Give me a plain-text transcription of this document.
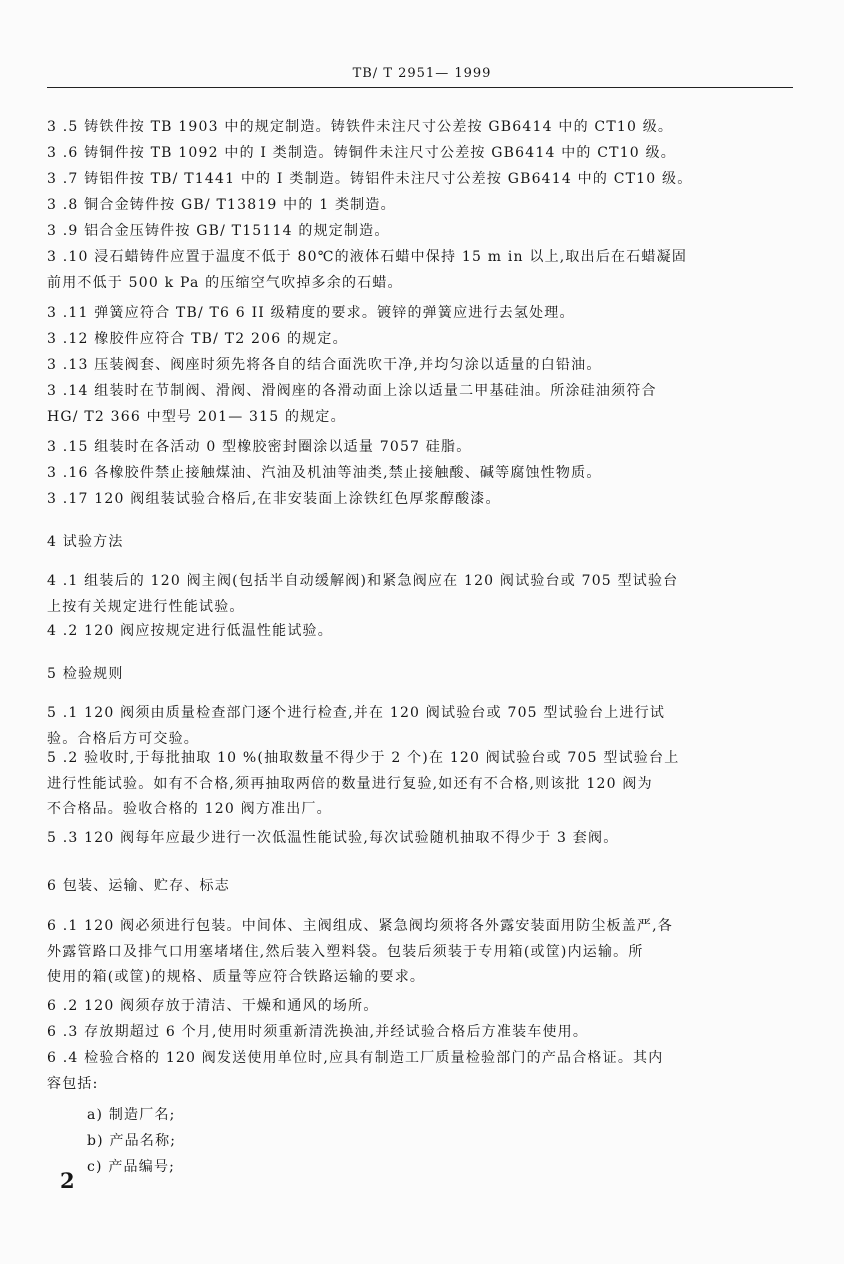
TB/ T 2951— 1999
3 .5 铸铁件按 TB 1903 中的规定制造。铸铁件未注尺寸公差按 GB6414 中的 CT10 级。
3 .6 铸铜件按 TB 1092 中的 I 类制造。铸铜件未注尺寸公差按 GB6414 中的 CT10 级。
3 .7 铸铝件按 TB/ T1441 中的 I 类制造。铸铝件未注尺寸公差按 GB6414 中的 CT10 级。
3 .8 铜合金铸件按 GB/ T13819 中的 1 类制造。
3 .9 铝合金压铸件按 GB/ T15114 的规定制造。
3 .10 浸石蜡铸件应置于温度不低于 80℃的液体石蜡中保持 15 m in 以上,取出后在石蜡凝固
前用不低于 500 k Pa 的压缩空气吹掉多余的石蜡。
3 .11 弹簧应符合 TB/ T6 6 II 级精度的要求。镀锌的弹簧应进行去氢处理。
3 .12 橡胶件应符合 TB/ T2 206 的规定。
3 .13 压装阀套、阀座时须先将各自的结合面洗吹干净,并均匀涂以适量的白铅油。
3 .14 组装时在节制阀、滑阀、滑阀座的各滑动面上涂以适量二甲基硅油。所涂硅油须符合
HG/ T2 366 中型号 201— 315 的规定。
3 .15 组装时在各活动 0 型橡胶密封圈涂以适量 7057 硅脂。
3 .16 各橡胶件禁止接触煤油、汽油及机油等油类,禁止接触酸、碱等腐蚀性物质。
3 .17 120 阀组装试验合格后,在非安装面上涂铁红色厚浆醇酸漆。
4 试验方法
4 .1 组装后的 120 阀主阀(包括半自动缓解阀)和紧急阀应在 120 阀试验台或 705 型试验台
上按有关规定进行性能试验。
4 .2 120 阀应按规定进行低温性能试验。
5 检验规则
5 .1 120 阀须由质量检查部门逐个进行检查,并在 120 阀试验台或 705 型试验台上进行试
验。合格后方可交验。
5 .2 验收时,于每批抽取 10 %(抽取数量不得少于 2 个)在 120 阀试验台或 705 型试验台上
进行性能试验。如有不合格,须再抽取两倍的数量进行复验,如还有不合格,则该批 120 阀为
不合格品。验收合格的 120 阀方准出厂。
5 .3 120 阀每年应最少进行一次低温性能试验,每次试验随机抽取不得少于 3 套阀。
6 包装、运输、贮存、标志
6 .1 120 阀必须进行包装。中间体、主阀组成、紧急阀均须将各外露安装面用防尘板盖严,各
外露管路口及排气口用塞堵堵住,然后装入塑料袋。包装后须装于专用箱(或筐)内运输。所
使用的箱(或筐)的规格、质量等应符合铁路运输的要求。
6 .2 120 阀须存放于清洁、干燥和通风的场所。
6 .3 存放期超过 6 个月,使用时须重新清洗换油,并经试验合格后方准装车使用。
6 .4 检验合格的 120 阀发送使用单位时,应具有制造工厂质量检验部门的产品合格证。其内
容包括:
a) 制造厂名;
b) 产品名称;
c) 产品编号;
2
